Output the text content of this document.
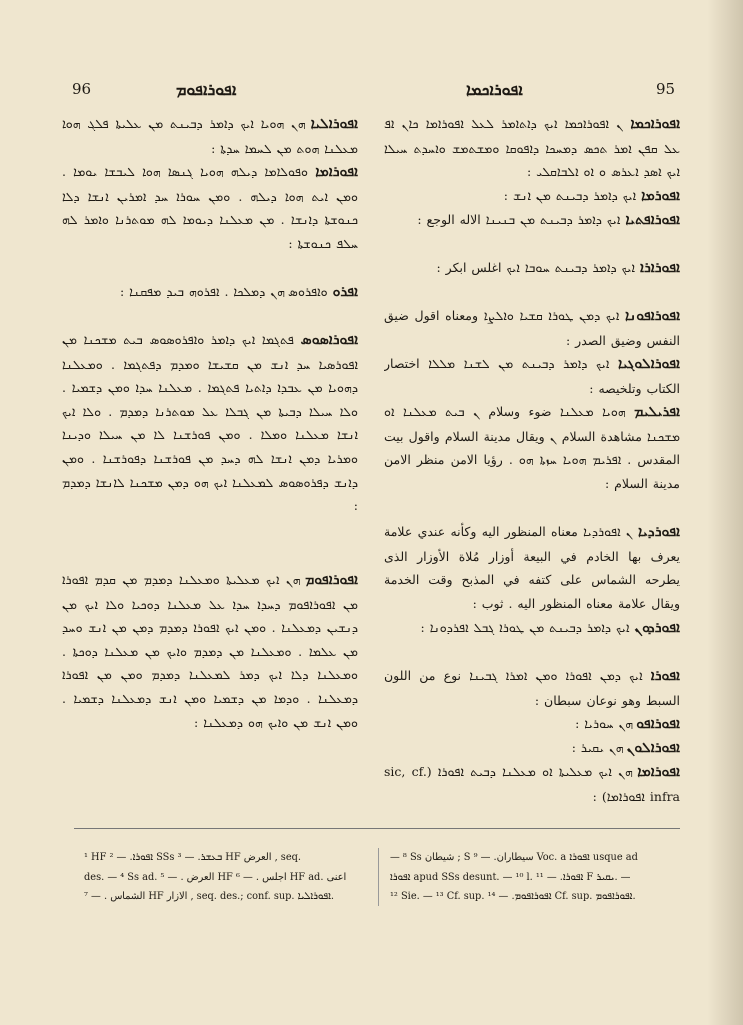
96	ܐܦܘܪܐܦܘܡ	ܐܦܘܪܐܟܡܐ	95
ܐܦܘܪܐܟܡܐ ܢ ܐܦܘܪܐܟܡܐ ܐܝܟ ܕܐܬܐܡܪ ܠܥܠ ܐܦܘܪܐܡܐ ܟܐܢ ܐܦ ܥܠ ܩܦܢ ܐܡܪ ܬܟܣ ܕܡܚܟܐ ܕܐܦܘܩܐ ܘܡܫܬܡܫ ܘܐܚܕܬ ܚܝܠܐ ܐܝܟ ܐܣܕ ܐܥܪܣ ܘ ܐܘ ܐܠܒܐܩܠܝ :
ܐܦܘܪܡܐ ܐܝܟ ܕܐܡܪ ܕܒܝܢܬ ܡܢ ܐܢܫ :
ܐܦܘܪܐܦܬܝܐ ܐܝܟ ܕܐܡܪ ܕܒܝܢܬ ܡܢ ܒܢܝܢܐ الاله الوجع :
ܐܦܘܪܐܪܐ ܐܝܟ ܕܐܡܪ ܕܒܝܢܬ ܚܘܒܐ ܐܝܟ اغلس ابكر :
ܐܦܘܪܐܦܘܢܐ ܐܝܟ ܕܡܢ ܛܘܪܐ ܩܫܝܐ ܘܐܠܨܐ ومعناه اقول ضيق النفس وضيق الصدر :
ܐܦܘܪܐܠܘܓܝܐ ܐܝܟ ܕܐܡܪ ܕܒܝܢܬ ܡܢ ܠܫܢܐ ܡܠܠܐ اختصار الكتاب وتلخيصه :
ܐܦܪܝܠܝܡ ܗܘܝܐ ܡܥܠܢܐ ضوء وسلام ܢ ܒܝܬ ܡܥܠܢܐ ܐܘ ܡܫܟܢܐ مشاهدة السلام ܢ ويقال مدينة السلام واقول بيت المقدس . ܐܦܪܝܡ ܗܘܝܐ ܚܙܬܐ ܗܘ . رؤيا الامن منظر الامن مدينة السلام :
ܐܦܘܪܕܝܐ ܢ ܐܦܘܪܕܝܐ معناه المنظور اليه وكأنه عندي علامة يعرف بها الخادم في البيعة أوزار مُلاة الأوزار الذى يطرحه الشماس على كتفه في المذبح وقت الخدمة ويقال علامة معناه المنظور اليه . ثوب :
ܐܦܘܪܕܘܢ ܐܝܟ ܕܐܡܪ ܕܒܝܢܬ ܡܢ ܛܘܪܐ ܓܒܠ ܐܦܪܕܘܢܐ :
ܐܦܘܪܐ ܐܝܟ ܕܡܢ ܐܦܘܪܐ ܘܡܢ ܐܡܪܐ ܓܒܝܢܐ نوع من اللون السبط وهو نوعان سبطان :
ܐܦܘܪܐܦܘ ܗܢ ܚܘܪܝܐ :
ܐܦܘܪܐܠܘܢ ܗܢ ܝܩܝܪ :
ܐܦܘܪܐܡܐ ܗܢ ܐܝܟ ܡܥܠܝܬܐ ܐܘ ܡܥܠܢܐ ܕܒܝܬ ܐܦܘܪܐ (sic, cf. infra ܐܦܘܪܐܡܐ) :
ܐܦܘܪܐܠܝܐ ܗܢ ܗܘܝܐ ܐܝܟ ܕܐܡܪ ܕܒܝܢܬ ܡܢ ܥܠܝܬܐ ܦܠܓ ܗܘܐ ܡܥܠܢܐ ܗܘܬ ܡܢ ܠܚܡܐ ܚܕܬܐ :
ܐܦܘܪܐܡܐ ܘܦܘܠܐܡܐ ܕܝܠܗ ܗܘܝܐ ܓܢܣܐ ܗܘܐ ܠܝܒܫܐ ܝܘܡܐ . ܘܡܢ ܐܝܬ ܗܘܐ ܕܝܠܗ . ܘܡܢ ܚܘܪܐ ܚܕ ܐܡܪܝܢ ܐܢܫܐ ܕܠܐ ܟܢܘܫܬܐ ܕܐܢܫܐ . ܡܢ ܡܥܠܢܐ ܕܝܘܡܐ ܠܗ ܡܘܬܪܢܐ ܘܐܡܪ ܠܗ ܚܠܦ ܟܢܘܫܬܐ :
ܐܦܪܘ ܘܐܦܪܘܣ ܗܢ ܕܡܠܟܐ . ܐܦܪܘܗ ܒܝܕ ܡܦܩܢܐ :
ܐܦܘܪܐܣܘܣ ܦܬܓܡܐ ܐܝܟ ܕܐܡܪ ܘܐܦܪܘܣܘܣ ܒܝܬ ܡܫܟܢܐ ܡܢ ܐܦܘܪܣܝܐ ܚܕ ܐܢܫ ܡܢ ܩܫܝܫܐ ܘܡܕܡ ܕܦܬܓܡܐ . ܘܡܥܠܢܐ ܕܗܘܝܐ ܡܢ ܥܒܕܐ ܕܐܬܝܐ ܦܬܓܡܐ . ܡܥܠܢܐ ܚܕܐ ܘܡܢ ܕܫܡܝܐ . ܘܠܐ ܚܝܠܐ ܕܒܝܬܐ ܡܢ ܓܒܠܐ ܥܠ ܡܘܬܪܢܐ ܕܡܕܡ . ܘܠܐ ܐܝܟ ܐܢܫܐ ܡܥܠܢܐ ܘܡܠܐ . ܘܡܢ ܦܘܪܫܢܐ ܠܐ ܡܢ ܚܝܠܐ ܘܕܝܢܐ ܘܡܪܝܐ ܕܡܢ ܐܢܫܐ ܠܗ ܕܚܕ ܡܢ ܦܘܪܫܢܐ ܕܦܘܪܫܢܐ . ܘܡܢ ܕܐܢܫ ܕܦܪܘܣܘܣ ܠܡܥܠܢܐ ܐܝܟ ܗܘ ܕܡܢ ܡܫܟܢܐ ܠܐܢܫܐ ܕܡܕܡ :
ܐܦܘܪܐܦܘܡ ܗܢ ܐܝܟ ܡܥܠܝܬܐ ܘܡܥܠܢܐ ܕܡܕܡ ܡܢ ܩܕܡ ܐܦܘܪܐ ܡܢ ܐܦܘܪܐܦܘܡ ܕܚܕܐ ܚܕܐ ܥܠ ܡܥܠܢܐ ܕܘܟܝܐ ܘܠܐ ܐܝܟ ܡܢ ܕܢܫܝܢ ܕܡܥܠܢܐ . ܘܡܢ ܐܝܟ ܐܦܘܪܐ ܕܡܕܡ ܕܡܢ ܡܢ ܐܢܫ ܘܚܕ ܡܢ ܥܠܡܐ . ܘܡܥܠܢܐ ܡܢ ܕܡܕܡ ܘܐܝܟ ܡܢ ܡܥܠܢܐ ܕܘܟܬܐ . ܘܡܥܠܢܐ ܕܠܐ ܐܝܟ ܕܡܪ ܠܡܥܠܢܐ ܕܡܕܡ ܘܡܢ ܡܢ ܐܦܘܪܐ ܕܡܥܠܢܐ . ܘܕܡܐ ܡܢ ܕܫܡܝܐ ܘܡܢ ܐܢܫ ܕܡܥܠܢܐ ܕܫܡܝܐ . ܘܡܢ ܐܢܫ ܡܢ ܘܐܝܟ ܗܘ ܕܡܥܠܢܐ :
¹ HF ܐܦܘܪܐ. — ² SSs ܒܥܫܪ. — ³ HF العرض , seq.
des. — ⁴ Ss ad. العرض . — ⁵ HF اجلس . — ⁶ HF ad. اعنى
الشماس . — ⁷ HF الازار , seq. des.; conf. sup. ܐܦܘܪܐܠܝܐ.
— ⁸ Ss شيطان ; S سيطاران. — ⁹ Voc. a ܐܦܘܪܐ usque ad
ܐܦܘܪܐ apud SSs desunt. — ¹⁰ l. ܐܦܘܪܐ. — ¹¹ F ܝܩܝܪ. —
¹² Sie. — ¹³ Cf. sup. ܐܦܘܪܐܦܘܡ. — ¹⁴ Cf. sup. ܐܦܘܪܐܦܘܡ.
